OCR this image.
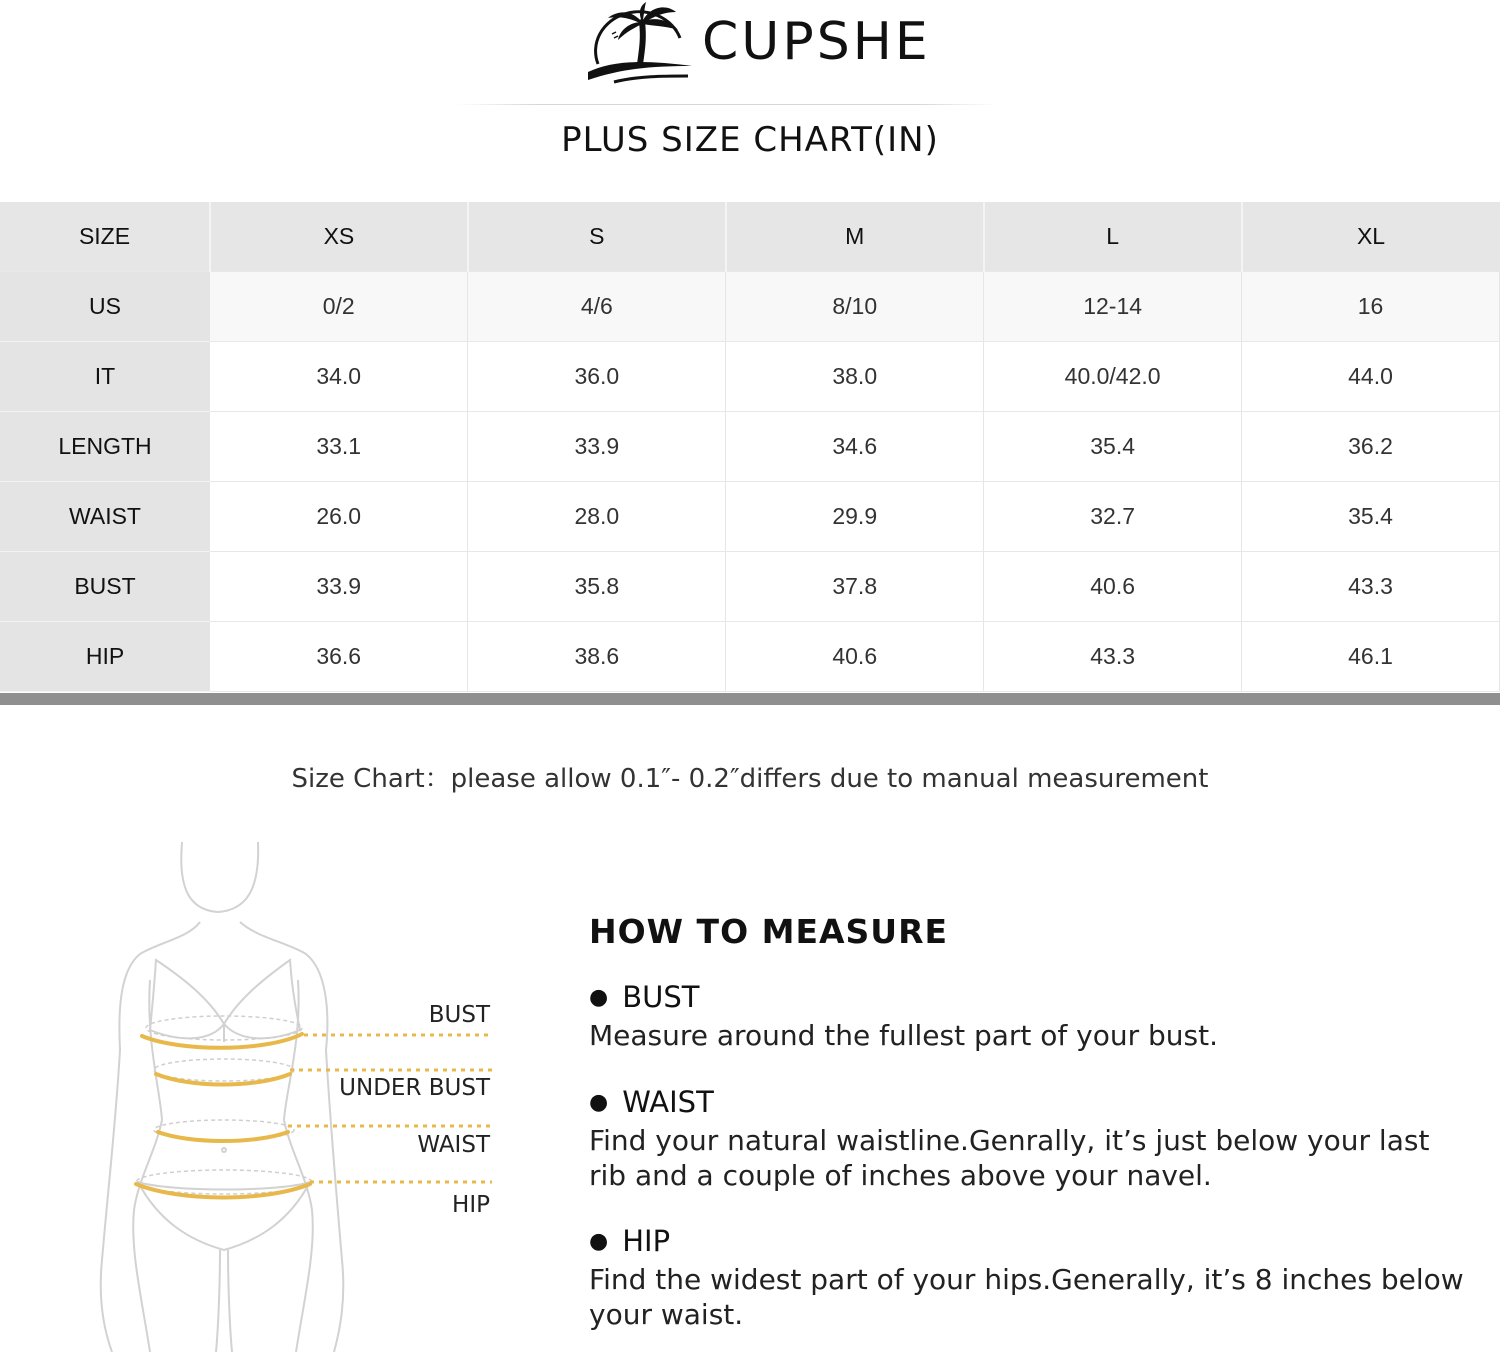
CUPSHE
PLUS SIZE CHART(IN)
SIZE	XS	S	M	L	XL
US	0/2	4/6	8/10	12-14	16
IT	34.0	36.0	38.0	40.0/42.0	44.0
LENGTH	33.1	33.9	34.6	35.4	36.2
WAIST	26.0	28.0	29.9	32.7	35.4
BUST	33.9	35.8	37.8	40.6	43.3
HIP	36.6	38.6	40.6	43.3	46.1
Size Chart：please allow 0.1″- 0.2″differs due to manual measurement
BUST
UNDER BUST
WAIST
HIP
HOW TO MEASURE
● BUST
Measure around the fullest part of your bust.
● WAIST
Find your natural waistline.Genrally, it’s just below your last rib and a couple of inches above your navel.
● HIP
Find the widest part of your hips.Generally, it’s 8 inches below your waist.
